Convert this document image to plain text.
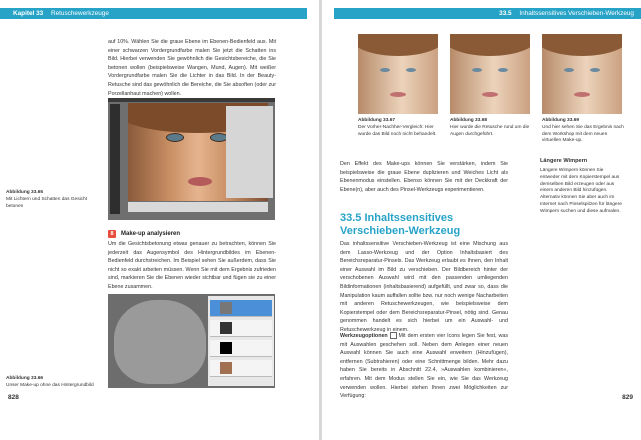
Kapitel 33 Retuschewerkzeuge

auf 10%. Wählen Sie die graue Ebene im Ebenen-Bedienfeld aus. Mit einer schwarzen Vordergrundfarbe malen Sie jetzt die Schatten ins Bild. Hierbei verwenden Sie gewöhnlich die Gesichtsbereiche, die Sie betonen wollen (beispielsweise Wangen, Mund, Augen). Mit weißer Vordergrundfarbe malen Sie die Lichter in das Bild. In der Beauty-Retusche sind das gewöhnlich die Bereiche, die Sie absoften (oder zur Porzellanhaut machen) wollen.

Abbildung 33.65
Mit Lichtern und Schatten das Gesicht betonen
8 Make-up analysieren

Um die Gesichtsbetonung etwas genauer zu betrachten, können Sie jederzeit das Augensymbol des Hintergrundbildes im Ebenen-Bedienfeld durchstreichen. Im Beispiel sehen Sie außerdem, dass Sie nicht so exakt arbeiten müssen. Wenn Sie mit dem Ergebnis zufrieden sind, markieren Sie die Ebenen wieder sichtbar und fügen sie zu einer Ebene zusammen.

Abbildung 33.66
Unser Make-up ohne das Hintergrundbild
828
33.5 Inhaltssensitives Verschieben-Werkzeug
Abbildung 33.67
Der Vorher-Nachher-Vergleich: Hier wurde das Bild noch nicht behandelt.
Abbildung 33.68
Hier wurde die Retusche rund um die Augen durchgeführt.
Abbildung 33.69
Und hier sehen Sie das Ergebnis nach dem Workshop mit dem neuen virtuellen Make-up.

Den Effekt des Make-ups können Sie verstärken, indem Sie beispielsweise die graue Ebene duplizieren und Weiches Licht als Ebenenmodus einstellen. Ebenso können Sie mit der Deckkraft der Ebene(n), aber auch des Pinsel-Werkzeugs experimentieren.

Längere Wimpern
Längere Wimpern können Sie entweder mit dem Kopierstempel aus demselben Bild erzeugen oder aus einem anderen Bild hinzufügen. Alternativ können Sie aber auch im Internet nach Pinselspitzen für längere Wimpern suchen und diese aufmalen.
33.5 Inhaltssensitives Verschieben-Werkzeug

Das inhaltssensitive Verschieben-Werkzeug ist eine Mischung aus dem Lasso-Werkzeug und der Option Inhaltsbasiert des Bereichsreparatur-Pinsels. Das Werkzeug erlaubt es Ihnen, den Inhalt einer Auswahl im Bild zu verschieben. Der Bildbereich hinter der verschobenen Auswahl wird mit den passenden umliegenden Bildinformationen (inhaltsbasierend) aufgefüllt, und zwar so, dass die Manipulation kaum auffallen sollte bzw. nur noch wenige Nacharbeiten mit anderen Retuschewerkzeugen, wie beispielsweise dem Kopierstempel oder dem Bereichsreparatur-Pinsel, nötig sind. Genau genommen handelt es sich hierbei um ein Auswahl- und Retuschewerkzeug in einem.

Werkzeugoptionen Mit dem ersten vier Icons legen Sie fest, was mit Auswahlen geschehen soll. Neben dem Anlegen einer neuen Auswahl können Sie auch eine Auswahl erweitern (Hinzufügen), entfernen (Subtrahieren) oder eine Schnittmenge bilden. Mehr dazu haben Sie bereits in Abschnitt 22.4, »Auswahlen kombinieren«, erfahren. Mit dem Modus stellen Sie ein, wie Sie das Werkzeug verwenden wollen. Hierbei stehen Ihnen zwei Möglichkeiten zur Verfügung:	829
